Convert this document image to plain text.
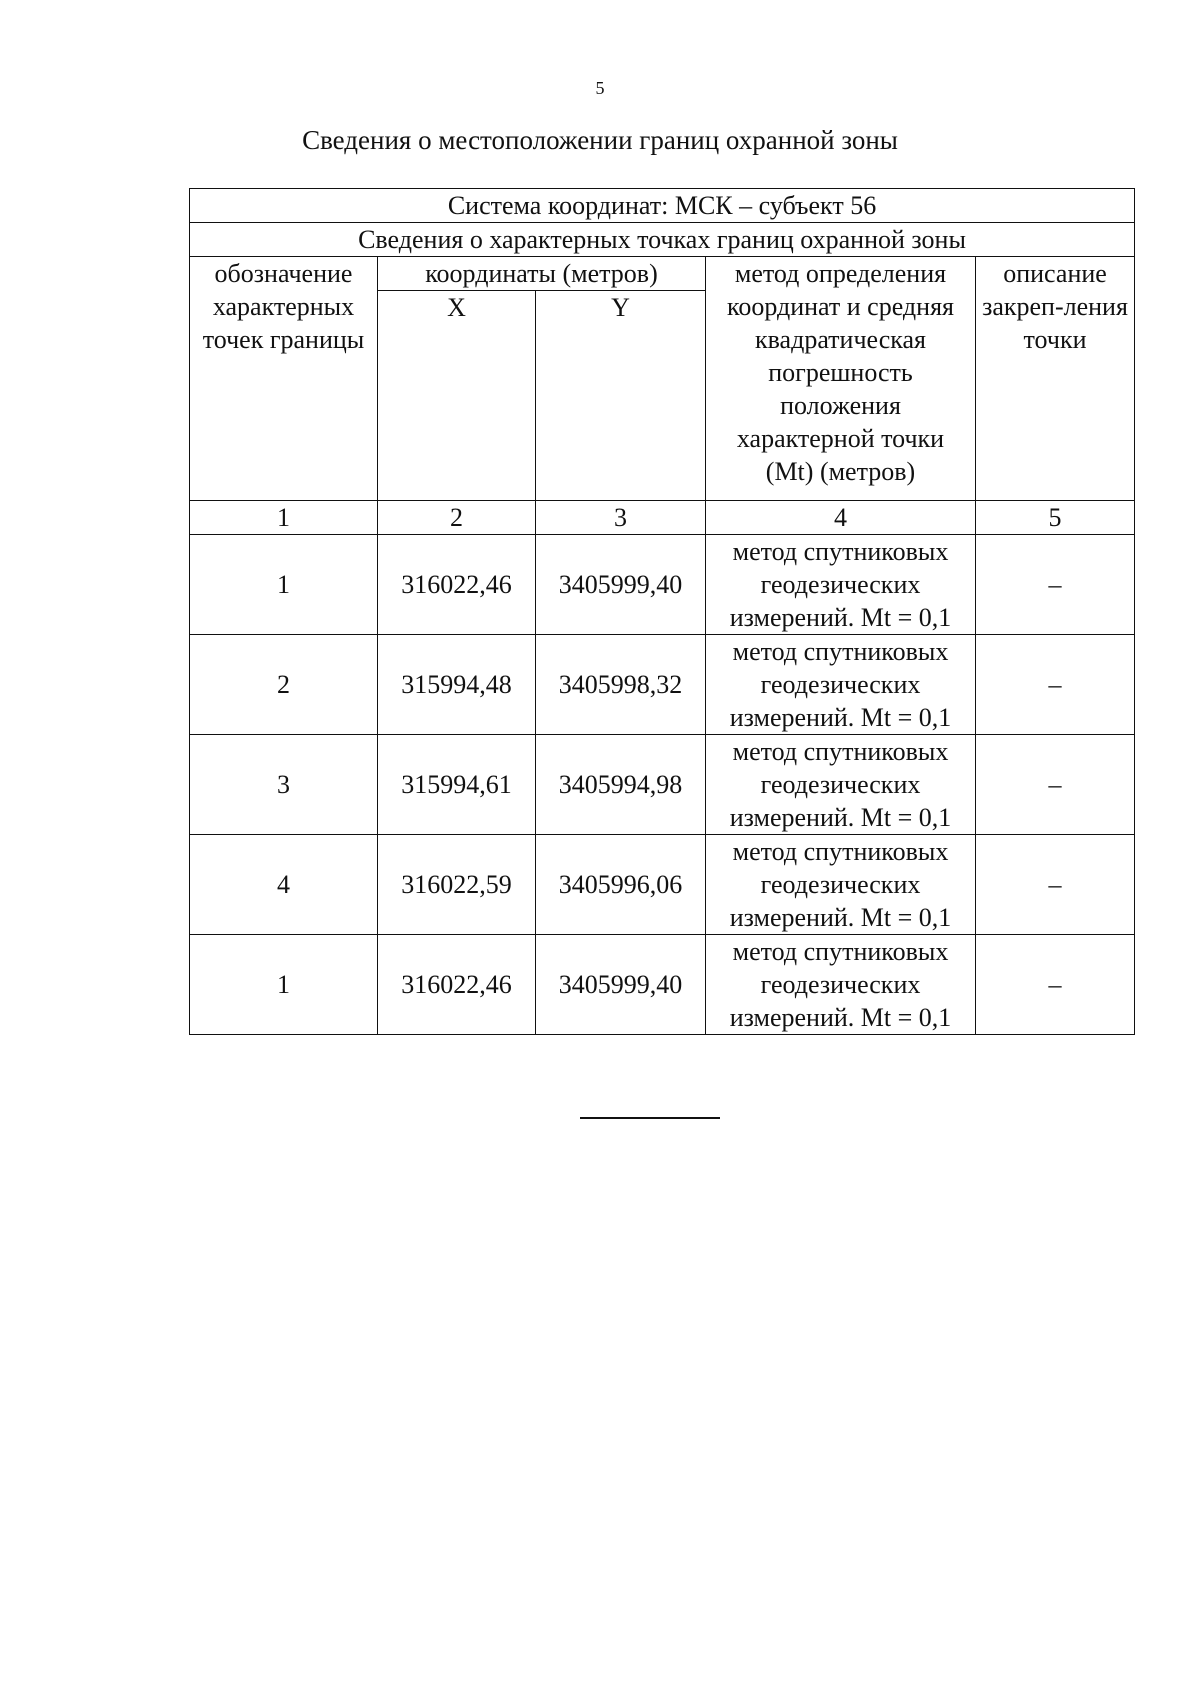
5
Сведения о местоположении границ охранной зоны
Система координат: МСК – субъект 56				
Сведения о характерных точках границ охранной зоны				
обозначение характерных точек границы	координаты (метров)		метод определения координат и средняя квадратическая погрешность положения характерной точки (Mt) (метров)	описание закреп-ления точки
	X	Y		
1	2	3	4	5
1	316022,46	3405999,40	метод спутниковых геодезических измерений. Mt = 0,1	–
2	315994,48	3405998,32	метод спутниковых геодезических измерений. Mt = 0,1	–
3	315994,61	3405994,98	метод спутниковых геодезических измерений. Mt = 0,1	–
4	316022,59	3405996,06	метод спутниковых геодезических измерений. Mt = 0,1	–
1	316022,46	3405999,40	метод спутниковых геодезических измерений. Mt = 0,1	–
